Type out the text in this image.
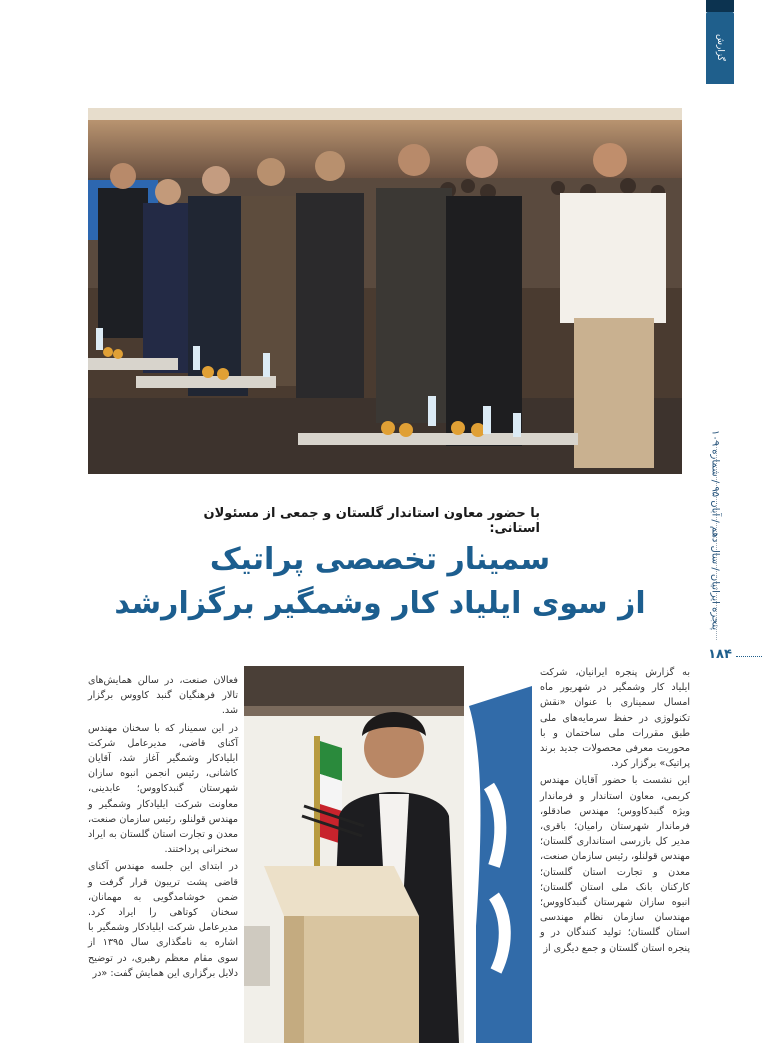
گزارش
پنجره ایرانیان / سال دهم / آبان ۹۵ / شماره ۱۰۹
۱۸۴
با حضور معاون استاندار گلستان و جمعی از مسئولان استانی:
سمینار تخصصی پراتیک
از سوی ایلیاد کار وشمگیر برگزارشد

به گزارش پنجره ایرانیان، شرکت ایلیاد کار وشمگیر در شهریور ماه امسال سمیناری با عنوان «نقش تکنولوژی در حفظ سرمایه‌های ملی طبق مقررات ملی ساختمان و با محوریت معرفی محصولات جدید برند پراتیک» برگزار کرد.

این نشست با حضور آقایان مهندس کریمی، معاون استاندار و فرماندار ویژه گنبدکاووس؛ مهندس صادقلو، فرماندار شهرستان رامیان؛ باقری، مدیر کل بازرسی استانداری گلستان؛ مهندس قولنلو، رئیس سازمان صنعت، معدن و تجارت استان گلستان؛ کارکنان بانک ملی استان گلستان؛ انبوه سازان شهرستان گنبدکاووس؛ مهندسان سازمان نظام مهندسی استان گلستان؛ تولید کنندگان در و پنجره استان گلستان و جمع دیگری از

فعالان صنعت، در سالن همایش‌های تالار فرهنگیان گنبد کاووس برگزار شد.

در این سمینار که با سخنان مهندس آکنای قاضی، مدیرعامل شرکت ایلیادکار وشمگیر آغاز شد، آقایان کاشانی، رئیس انجمن انبوه سازان شهرستان گنبدکاووس؛ عابدینی، معاونت شرکت ایلیادکار وشمگیر و مهندس قولنلو، رئیس سازمان صنعت، معدن و تجارت استان گلستان به ایراد سخنرانی پرداختند.

در ابتدای این جلسه مهندس آکنای قاضی پشت تریبون قرار گرفت و ضمن خوشامدگویی به مهمانان، سخنان کوتاهی را ایراد کرد. مدیرعامل شرکت ایلیادکار وشمگیر با اشاره به نامگذاری سال ۱۳۹۵ از سوی مقام معظم رهبری، در توضیح دلایل برگزاری این همایش گفت: «در
